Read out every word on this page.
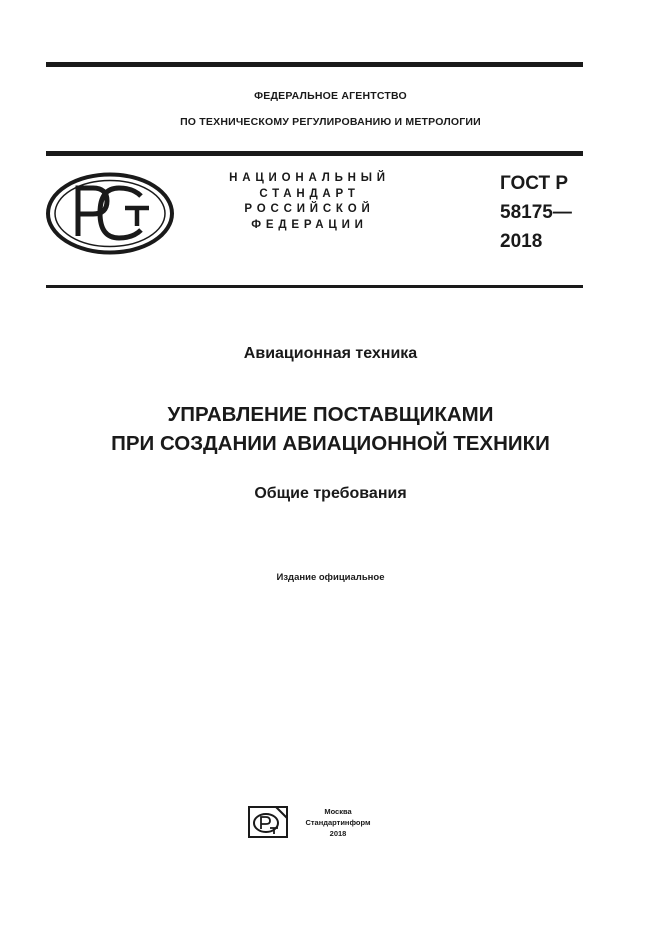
ФЕДЕРАЛЬНОЕ АГЕНТСТВО
ПО ТЕХНИЧЕСКОМУ РЕГУЛИРОВАНИЮ И МЕТРОЛОГИИ
НАЦИОНАЛЬНЫЙ
СТАНДАРТ
РОССИЙСКОЙ
ФЕДЕРАЦИИ
ГОСТ Р
58175—
2018
Авиационная техника
УПРАВЛЕНИЕ ПОСТАВЩИКАМИ
ПРИ СОЗДАНИИ АВИАЦИОННОЙ ТЕХНИКИ
Общие требования
Издание официальное
Москва
Стандартинформ
2018
